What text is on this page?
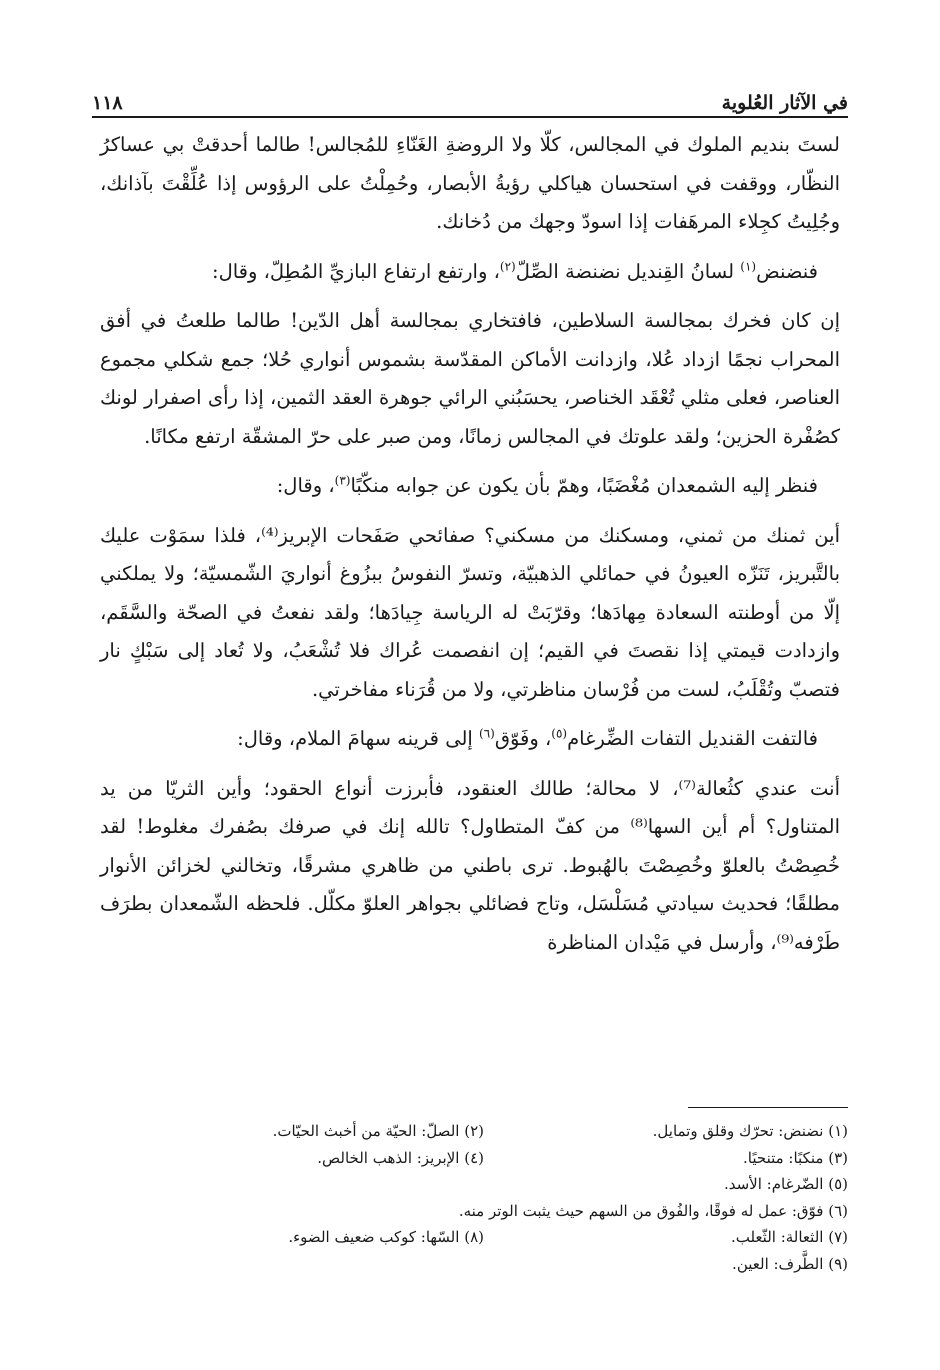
١١٨	في الآثار العُلوية

لستَ بنديم الملوك في المجالس، كلّا ولا الروضةِ الغَنّاءِ للمُجالس! طالما أحدقتْ بي عساكرُ النظّار، ووقفت في استحسان هياكلي رؤيةُ الأبصار، وحُمِلْتُ على الرؤوس إذا عُلِّقْتَ بآذانك، وجُلِيتُ كجِلاء المرهَفات إذا اسودّ وجهك من دُخانك.

فنضنض$^{(١)}$ لسانُ القِنديل نضنضة الصِّلّ$^{(٢)}$، وارتفع ارتفاع البازيِّ المُطِلّ، وقال:

إن كان فخرك بمجالسة السلاطين، فافتخاري بمجالسة أهل الدّين! طالما طلعتُ في أفق المحراب نجمًا ازداد عُلا، وازدانت الأماكن المقدّسة بشموس أنواري حُلا؛ جمع شكلي مجموع العناصر، فعلى مثلي تُعْقَد الخناصر، يحسَبُني الرائي جوهرة العقد الثمين، إذا رأى اصفرار لونك كصُفْرة الحزين؛ ولقد علوتك في المجالس زمانًا، ومن صبر على حرّ المشقّة ارتفع مكانًا.

فنظر إليه الشمعدان مُغْضَبًا، وهمّ بأن يكون عن جوابه منكّبًا$^{(٣)}$، وقال:

أين ثمنك من ثمني، ومسكنك من مسكني؟ صفائحي صَفَحات الإبريز⁽⁴⁾، فلذا سمَوْت عليك بالتَّبريز، تَنَزّه العيونُ في حمائلي الذهبيّة، وتسرّ النفوسُ ببزُوغ أنواريَ الشّمسيّة؛ ولا يملكني إلّا من أوطنته السعادة مِهادَها؛ وقرّبَتْ له الرياسة جِيادَها؛ ولقد نفعتُ في الصحّة والسَّقَم، وازدادت قيمتي إذا نقصتَ في القيم؛ إن انفصمت عُراك فلا تُشْعَبُ، ولا تُعاد إلى سَبْكٍ نار فتصبّ وتُقْلَبُ، لست من فُرْسان مناظرتي، ولا من قُرَناء مفاخرتي.

فالتفت القنديل التفات الضِّرغام$^{(٥)}$، وفَوّق$^{(٦)}$ إلى قرينه سهامَ الملام، وقال:

أنت عندي كثُعالة⁽⁷⁾، لا محالة؛ طالك العنقود، فأبرزت أنواع الحقود؛ وأين الثريّا من يد المتناول؟ أم أين السها⁽⁸⁾ من كفّ المتطاول؟ تالله إنك في صرفك بصُفرك مغلوط! لقد خُصِصْتُ بالعلوّ وخُصِصْتَ بالهُبوط. ترى باطني من ظاهري مشرقًا، وتخالني لخزائن الأنوار مطلقًا؛ فحديث سيادتي مُسَلْسَل، وتاج فضائلي بجواهر العلوّ مكلّل. فلحظه الشّمعدان بطرَف طَرْفه⁽⁹⁾، وأرسل في مَيْدان المناظرة

(١) نضنض: تحرّك وقلق وتمايل.
(٢) الصلّ: الحيّة من أخبث الحيّات.
(٣) منكبًا: متنحيًا.
(٤) الإبريز: الذهب الخالص.
(٥) الضّرغام: الأسد.
(٦) فوّق: عمل له فوقًا، والفُوق من السهم حيث يثبت الوتر منه.
(٧) الثعالة: الثّعلب.
(٨) السّها: كوكب ضعيف الضوء.
(٩) الطَّرف: العين.
